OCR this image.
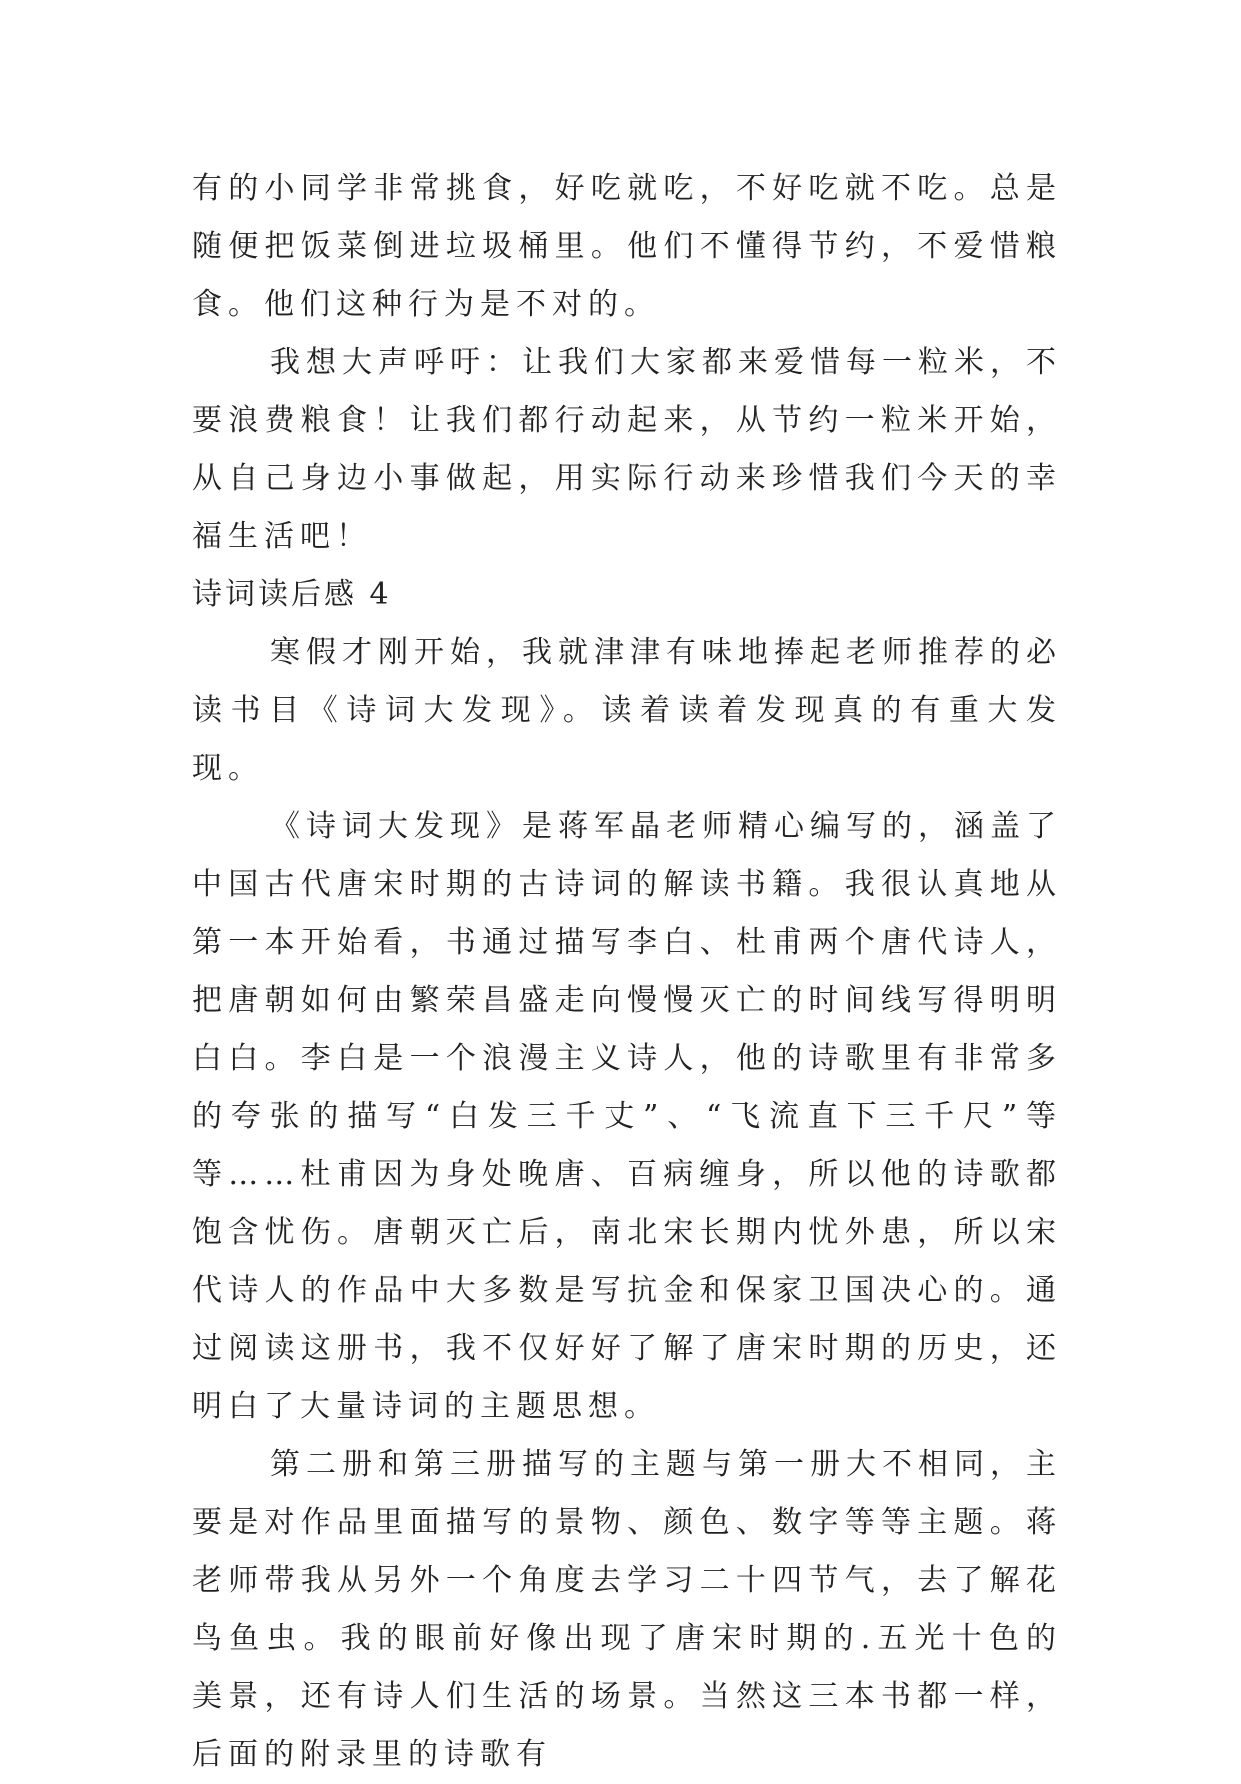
有的小同学非常挑食，好吃就吃，不好吃就不吃。总是随便把饭菜倒进垃圾桶里。他们不懂得节约，不爱惜粮食。他们这种行为是不对的。

我想大声呼吁：让我们大家都来爱惜每一粒米，不要浪费粮食！让我们都行动起来，从节约一粒米开始，从自己身边小事做起，用实际行动来珍惜我们今天的幸福生活吧！

诗词读后感 4

寒假才刚开始，我就津津有味地捧起老师推荐的必读书目《诗词大发现》。读着读着发现真的有重大发现。

《诗词大发现》是蒋军晶老师精心编写的，涵盖了中国古代唐宋时期的古诗词的解读书籍。我很认真地从第一本开始看，书通过描写李白、杜甫两个唐代诗人，把唐朝如何由繁荣昌盛走向慢慢灭亡的时间线写得明明白白。李白是一个浪漫主义诗人，他的诗歌里有非常多的夸张的描写“白发三千丈”、“飞流直下三千尺”等等……杜甫因为身处晚唐、百病缠身，所以他的诗歌都饱含忧伤。唐朝灭亡后，南北宋长期内忧外患，所以宋代诗人的作品中大多数是写抗金和保家卫国决心的。通过阅读这册书，我不仅好好了解了唐宋时期的历史，还明白了大量诗词的主题思想。

第二册和第三册描写的主题与第一册大不相同，主要是对作品里面描写的景物、颜色、数字等等主题。蒋老师带我从另外一个角度去学习二十四节气，去了解花鸟鱼虫。我的眼前好像出现了唐宋时期的.五光十色的美景，还有诗人们生活的场景。当然这三本书都一样，后面的附录里的诗歌有
